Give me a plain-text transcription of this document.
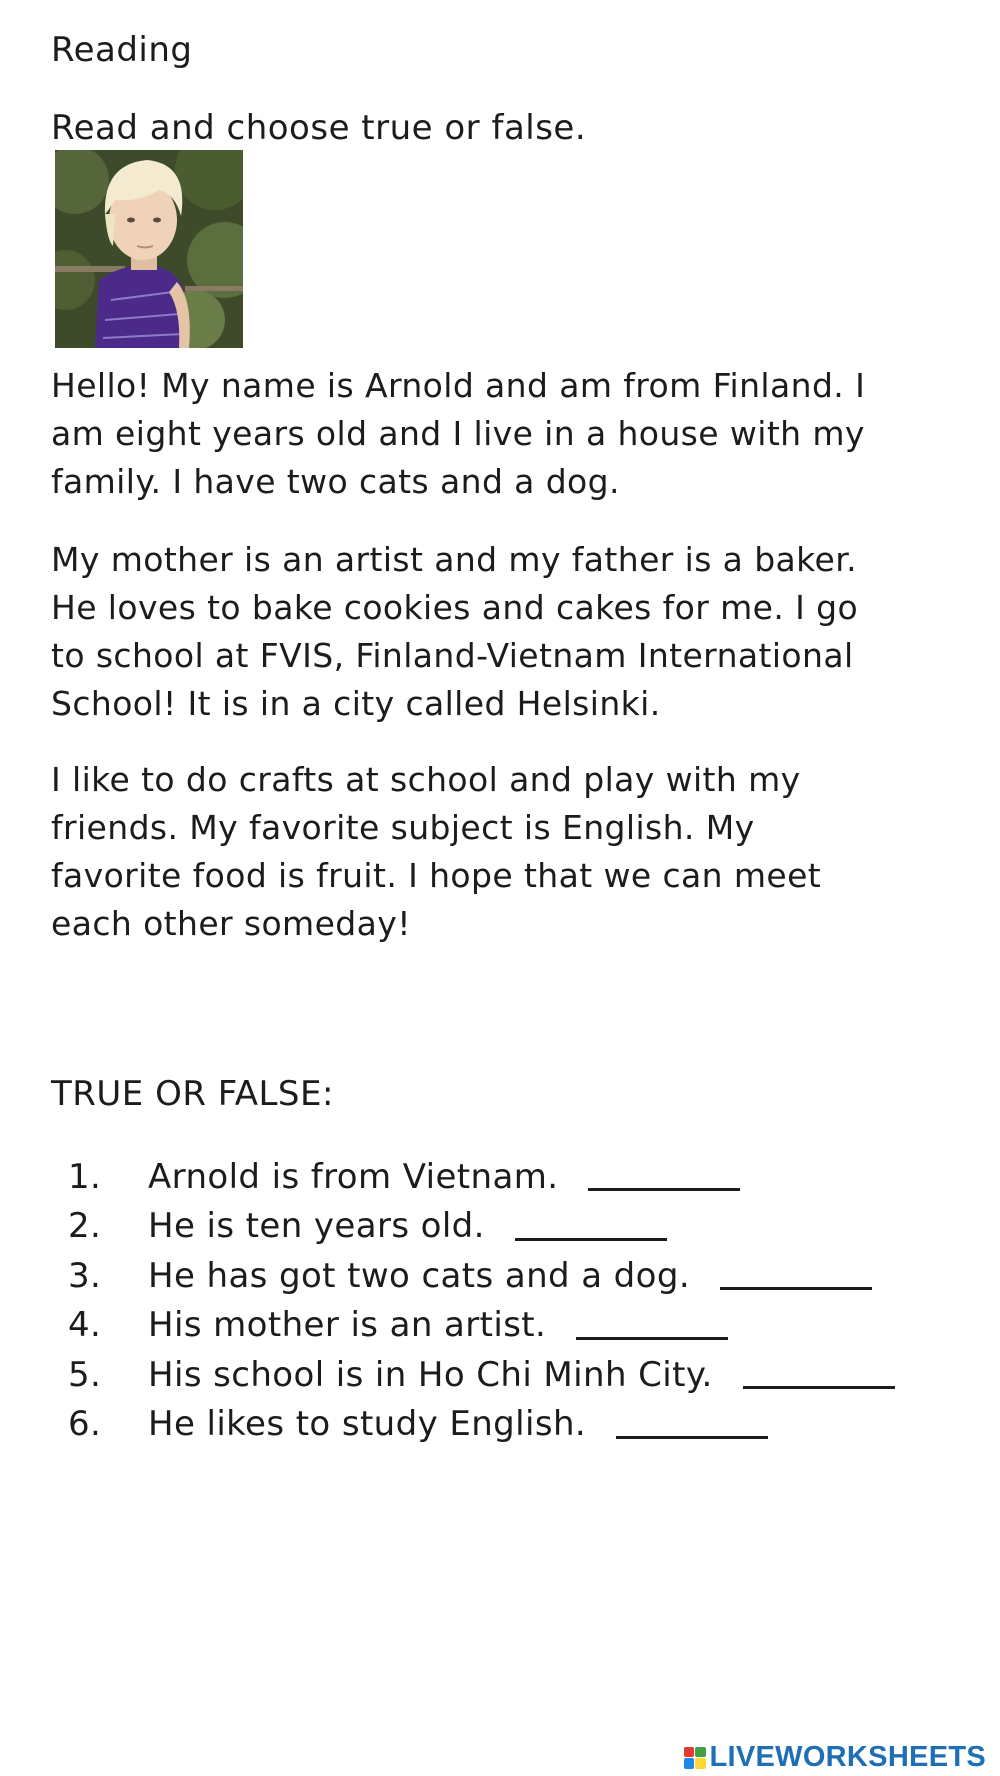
Reading
Read and choose true or false.

Hello! My name is Arnold and am from Finland. I
am eight years old and I live in a house with my
family. I have two cats and a dog.

My mother is an artist and my father is a baker.
He loves to bake cookies and cakes for me. I go
to school at FVIS, Finland-Vietnam International
School! It is in a city called Helsinki.

I like to do crafts at school and play with my
friends. My favorite subject is English. My
favorite food is fruit. I hope that we can meet
each other someday!

TRUE OR FALSE:
1.	Arnold is from Vietnam.
2.	He is ten years old.
3.	He has got two cats and a dog.
4.	His mother is an artist.
5.	His school is in Ho Chi Minh City.
6.	He likes to study English.
LIVEWORKSHEETS
